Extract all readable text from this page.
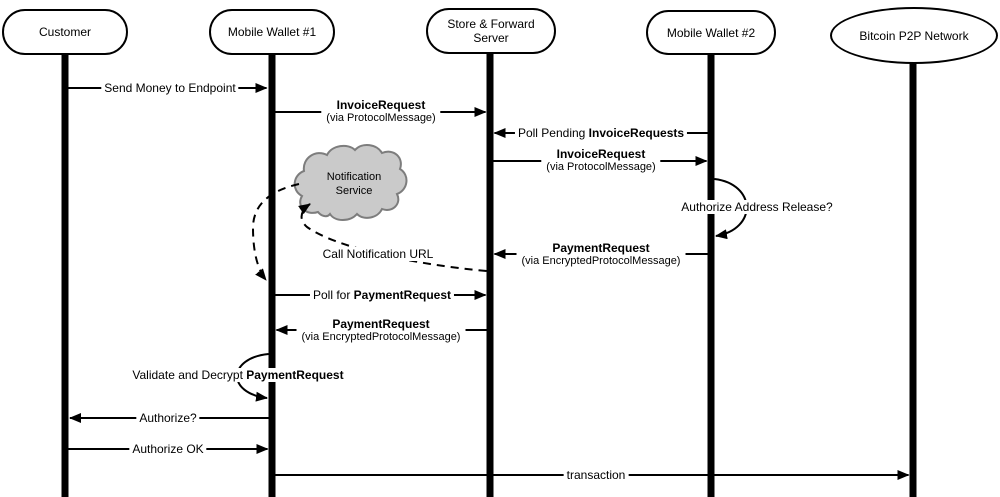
Customer	Mobile Wallet #1
Store & Forward Server	Mobile Wallet #2	Bitcoin P2P Network
Notification
Service
Send Money to Endpoint
InvoiceRequest
(via ProtocolMessage)
Poll Pending InvoiceRequests
InvoiceRequest
(via ProtocolMessage)
Authorize Address Release?
PaymentRequest
(via EncryptedProtocolMessage)
Call Notification URL
Poll for PaymentRequest
PaymentRequest
(via EncryptedProtocolMessage)
Validate and Decrypt PaymentRequest
Authorize?
Authorize OK
transaction
